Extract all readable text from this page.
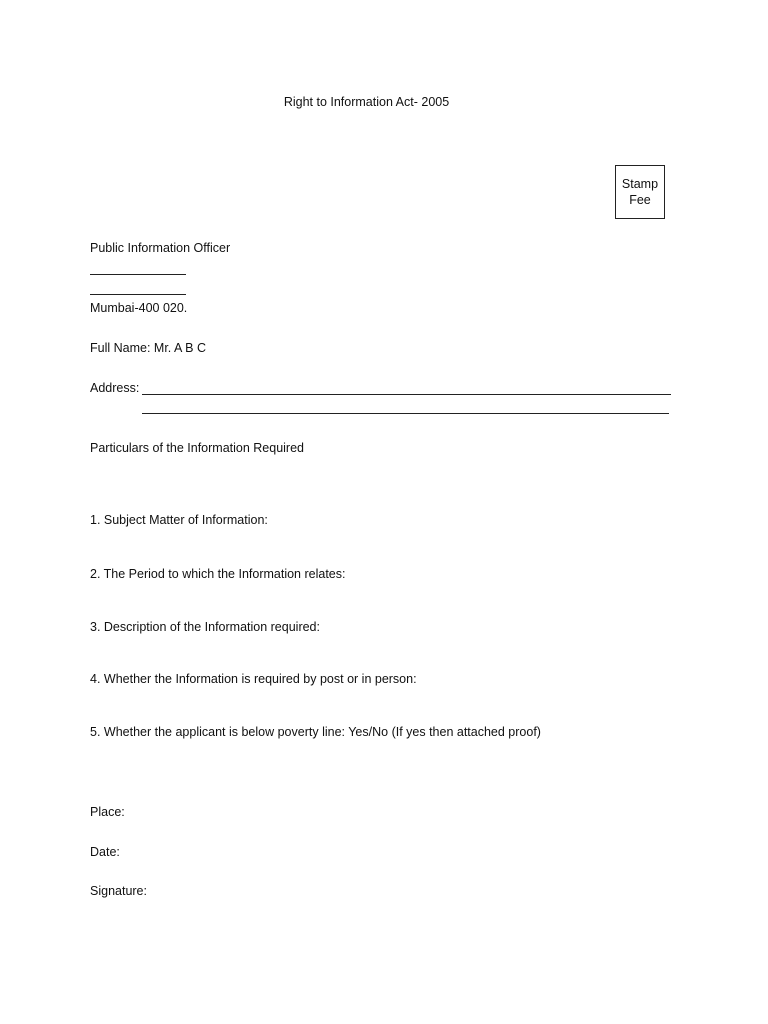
Right to Information Act- 2005
Stamp
Fee
Public Information Officer
Mumbai-400 020.
Full Name: Mr. A B C
Address:
Particulars of the Information Required
1. Subject Matter of Information:
2. The Period to which the Information relates:
3. Description of the Information required:
4. Whether the Information is required by post or in person:
5. Whether the applicant is below poverty line: Yes/No (If yes then attached proof)
Place:
Date:
Signature:
